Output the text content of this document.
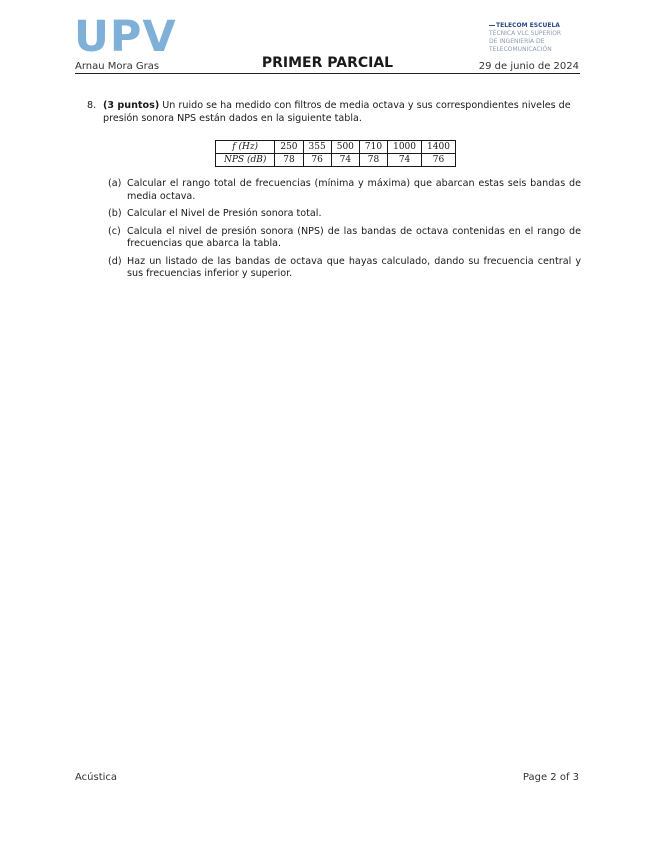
UPV	TELECOM ESCUELA
TÉCNICA VLC SUPERIOR
DE INGENIERÍA DE
TELECOMUNICACIÓN
Arnau Mora Gras	PRIMER PARCIAL	29 de junio de 2024
8. (3 puntos) Un ruido se ha medido con filtros de media octava y sus correspondientes niveles de presión sonora NPS están dados en la siguiente tabla.
f (Hz)	250	355	500	710	1000	1400
NPS (dB)	78	76	74	78	74	76
(a) Calcular el rango total de frecuencias (mínima y máxima) que abarcan estas seis bandas de media octava.
(b) Calcular el Nivel de Presión sonora total.
(c) Calcula el nivel de presión sonora (NPS) de las bandas de octava contenidas en el rango de frecuencias que abarca la tabla.
(d) Haz un listado de las bandas de octava que hayas calculado, dando su frecuencia central y sus frecuencias inferior y superior.
Acústica	Page 2 of 3
